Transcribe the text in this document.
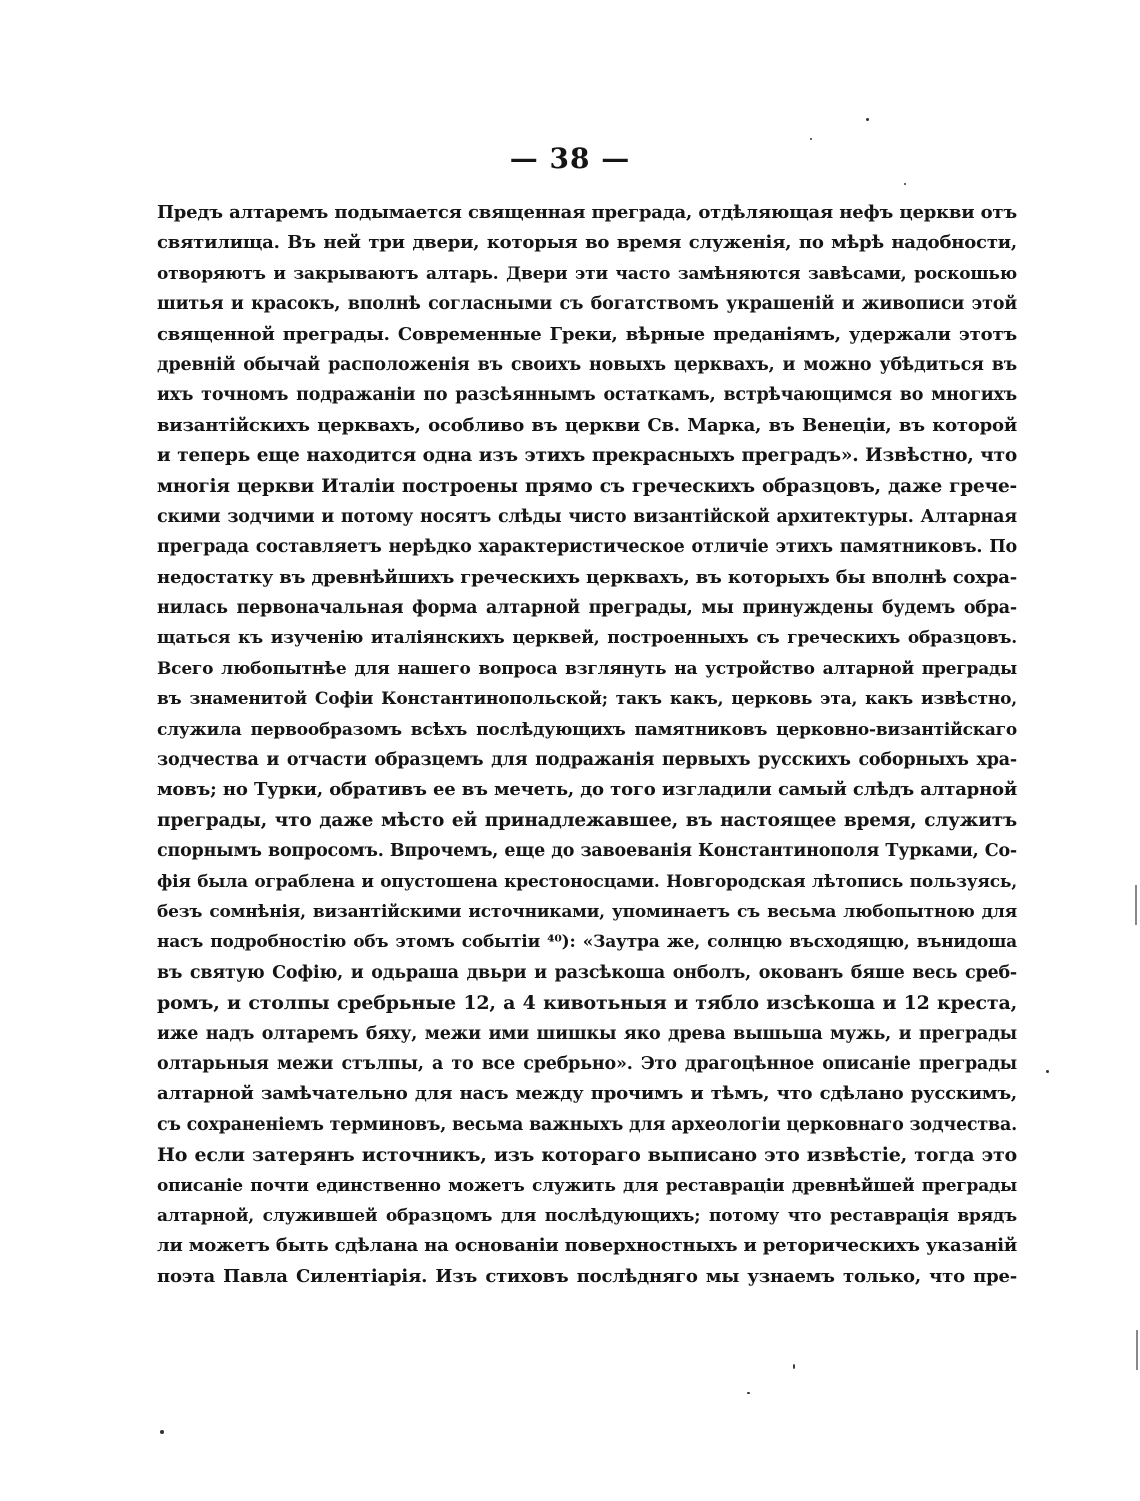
— 38 —
Предъ алтаремъ подымается священная преграда, отдѣляющая нефъ церкви отъ
святилища. Въ ней три двери, которыя во время служенія, по мѣрѣ надобности,
отворяютъ и закрываютъ алтарь. Двери эти часто замѣняются завѣсами, роскошью
шитья и красокъ, вполнѣ согласными съ богатствомъ украшеній и живописи этой
священной преграды. Современные Греки, вѣрные преданіямъ, удержали этотъ
древній обычай расположенія въ своихъ новыхъ церквахъ, и можно убѣдиться въ
ихъ точномъ подражаніи по разсѣяннымъ остаткамъ, встрѣчающимся во многихъ
византійскихъ церквахъ, особливо въ церкви Св. Марка, въ Венеціи, въ которой
и теперь еще находится одна изъ этихъ прекрасныхъ преградъ». Извѣстно, что
многія церкви Италіи построены прямо съ греческихъ образцовъ, даже грече-
скими зодчими и потому носятъ слѣды чисто византійской архитектуры. Алтарная
преграда составляетъ нерѣдко характеристическое отличіе этихъ памятниковъ. По
недостатку въ древнѣйшихъ греческихъ церквахъ, въ которыхъ бы вполнѣ сохра-
нилась первоначальная форма алтарной преграды, мы принуждены будемъ обра-
щаться къ изученію италіянскихъ церквей, построенныхъ съ греческихъ образцовъ.
Всего любопытнѣе для нашего вопроса взглянуть на устройство алтарной преграды
въ знаменитой Софіи Константинопольской; такъ какъ, церковь эта, какъ извѣстно,
служила первообразомъ всѣхъ послѣдующихъ памятниковъ церковно-византійскаго
зодчества и отчасти образцемъ для подражанія первыхъ русскихъ соборныхъ хра-
мовъ; но Турки, обративъ ее въ мечеть, до того изгладили самый слѣдъ алтарной
преграды, что даже мѣсто ей принадлежавшее, въ настоящее время, служитъ
спорнымъ вопросомъ. Впрочемъ, еще до завоеванія Константинополя Турками, Со-
фія была ограблена и опустошена крестоносцами. Новгородская лѣтопись пользуясь,
безъ сомнѣнія, византійскими источниками, упоминаетъ съ весьма любопытною для
насъ подробностію объ этомъ событіи ⁴⁰): «Заутра же, солнцю въсходящю, вънидоша
въ святую Софію, и одьраша двьри и разсѣкоша онболъ, окованъ бяше весь среб-
ромъ, и столпы сребрьные 12, а 4 кивотьныя и тябло изсѣкоша и 12 креста,
иже надъ олтаремъ бяху, межи ими шишкы яко древа вышьша мужь, и преграды
олтарьныя межи стълпы, а то все сребрьно». Это драгоцѣнное описаніе преграды
алтарной замѣчательно для насъ между прочимъ и тѣмъ, что сдѣлано русскимъ,
съ сохраненіемъ терминовъ, весьма важныхъ для археологіи церковнаго зодчества.
Но если затерянъ источникъ, изъ котораго выписано это извѣстіе, тогда это
описаніе почти единственно можетъ служить для реставраціи древнѣйшей преграды
алтарной, служившей образцомъ для послѣдующихъ; потому что реставрація врядъ
ли можетъ быть сдѣлана на основаніи поверхностныхъ и реторическихъ указаній
поэта Павла Силентіарія. Изъ стиховъ послѣдняго мы узнаемъ только, что пре-
